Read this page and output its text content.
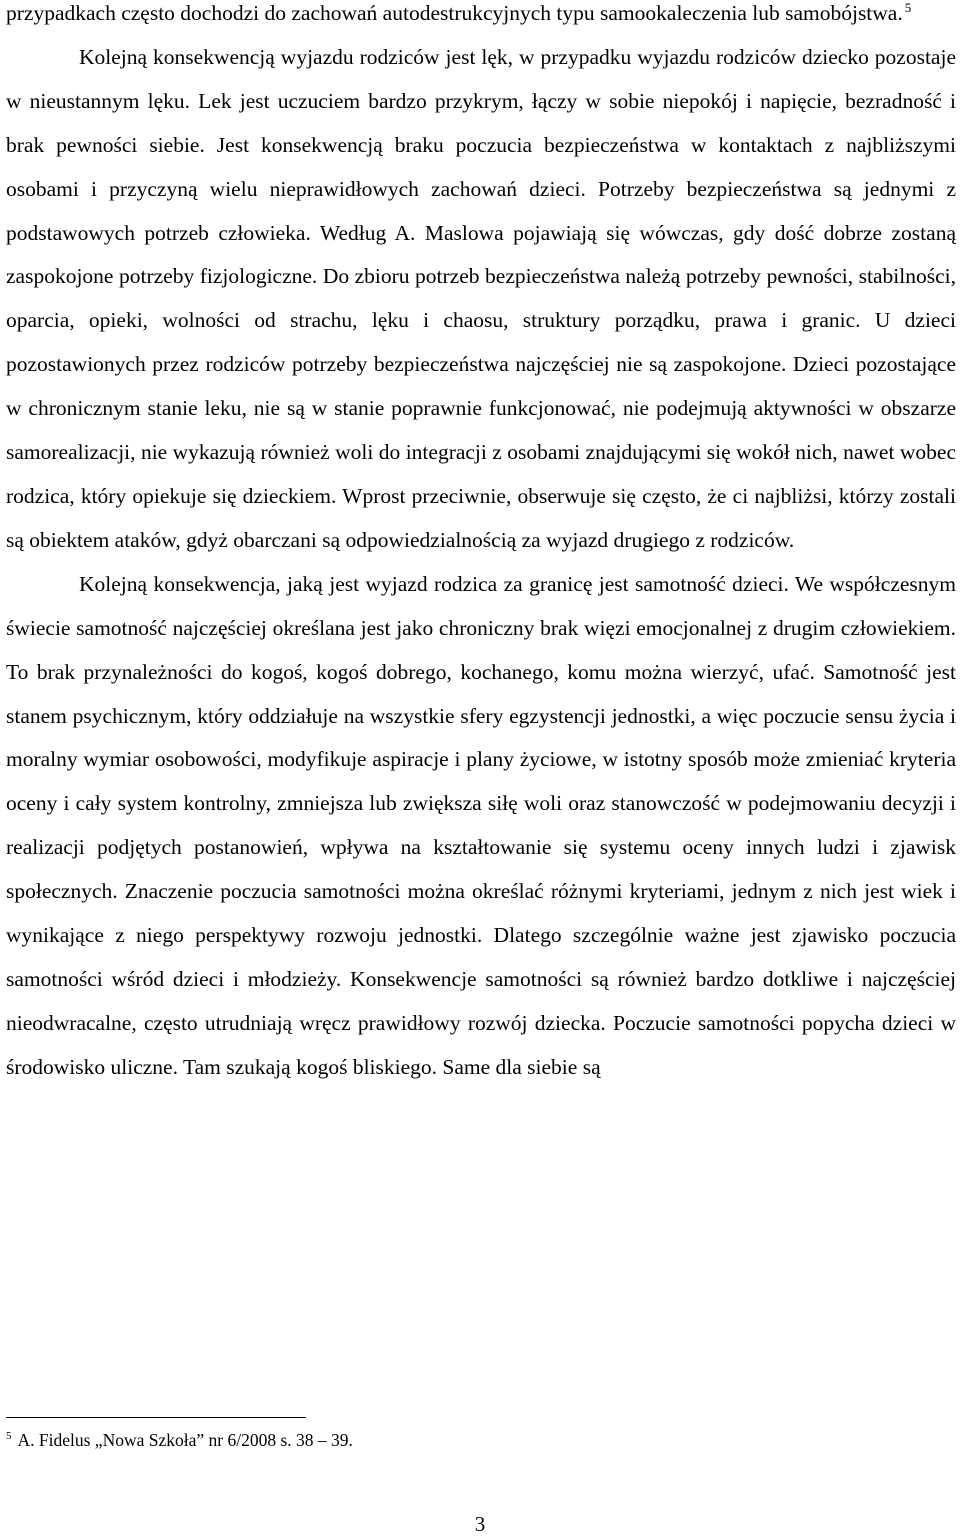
przypadkach często dochodzi do zachowań autodestrukcyjnych typu samookaleczenia lub samobójstwa. $^5$

Kolejną konsekwencją wyjazdu rodziców jest lęk, w przypadku wyjazdu rodziców dziecko pozostaje w nieustannym lęku. Lek jest uczuciem bardzo przykrym, łączy w sobie niepokój i napięcie, bezradność i brak pewności siebie. Jest konsekwencją braku poczucia bezpieczeństwa w kontaktach z najbliższymi osobami i przyczyną wielu nieprawidłowych zachowań dzieci. Potrzeby bezpieczeństwa są jednymi z podstawowych potrzeb człowieka. Według A. Maslowa pojawiają się wówczas, gdy dość dobrze zostaną zaspokojone potrzeby fizjologiczne. Do zbioru potrzeb bezpieczeństwa należą potrzeby pewności, stabilności, oparcia, opieki, wolności od strachu, lęku i chaosu, struktury porządku, prawa i granic. U dzieci pozostawionych przez rodziców potrzeby bezpieczeństwa najczęściej nie są zaspokojone. Dzieci pozostające w chronicznym stanie leku, nie są w stanie poprawnie funkcjonować, nie podejmują aktywności w obszarze samorealizacji, nie wykazują również woli do integracji z osobami znajdującymi się wokół nich, nawet wobec rodzica, który opiekuje się dzieckiem. Wprost przeciwnie, obserwuje się często, że ci najbliżsi, którzy zostali są obiektem ataków, gdyż obarczani są odpowiedzialnością za wyjazd drugiego z rodziców.

Kolejną konsekwencja, jaką jest wyjazd rodzica za granicę jest samotność dzieci. We współczesnym świecie samotność najczęściej określana jest jako chroniczny brak więzi emocjonalnej z drugim człowiekiem. To brak przynależności do kogoś, kogoś dobrego, kochanego, komu można wierzyć, ufać. Samotność jest stanem psychicznym, który oddziałuje na wszystkie sfery egzystencji jednostki, a więc poczucie sensu życia i moralny wymiar osobowości, modyfikuje aspiracje i plany życiowe, w istotny sposób może zmieniać kryteria oceny i cały system kontrolny, zmniejsza lub zwiększa siłę woli oraz stanowczość w podejmowaniu decyzji i realizacji podjętych postanowień, wpływa na kształtowanie się systemu oceny innych ludzi i zjawisk społecznych. Znaczenie poczucia samotności można określać różnymi kryteriami, jednym z nich jest wiek i wynikające z niego perspektywy rozwoju jednostki. Dlatego szczególnie ważne jest zjawisko poczucia samotności wśród dzieci i młodzieży. Konsekwencje samotności są również bardzo dotkliwe i najczęściej nieodwracalne, często utrudniają wręcz prawidłowy rozwój dziecka. Poczucie samotności popycha dzieci w środowisko uliczne. Tam szukają kogoś bliskiego. Same dla siebie są

$^5$ A. Fidelus „Nowa Szkoła” nr 6/2008 s. 38 – 39.
3
